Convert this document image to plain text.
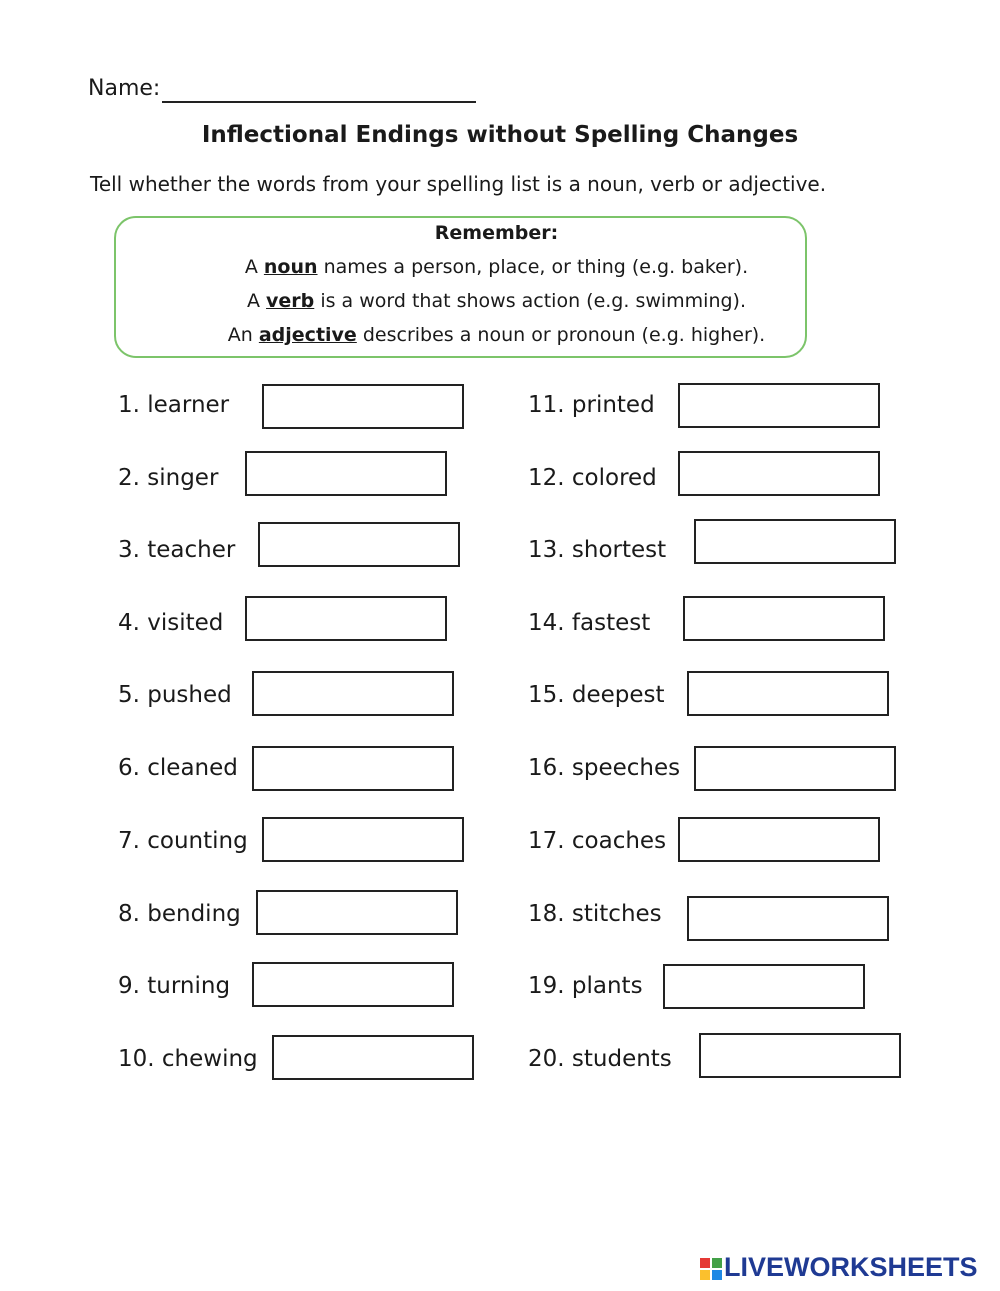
Name:
Inflectional Endings without Spelling Changes
Tell whether the words from your spelling list is a noun, verb or adjective.
Remember:
A noun names a person, place, or thing (e.g. baker).
A verb is a word that shows action (e.g. swimming).
An adjective describes a noun or pronoun (e.g. higher).
1. learner
2. singer
3. teacher
4. visited
5. pushed
6. cleaned
7. counting
8. bending
9. turning
10. chewing
11. printed
12. colored
13. shortest
14. fastest
15. deepest
16. speeches
17. coaches
18. stitches
19. plants
20. students
LIVEWORKSHEETS
